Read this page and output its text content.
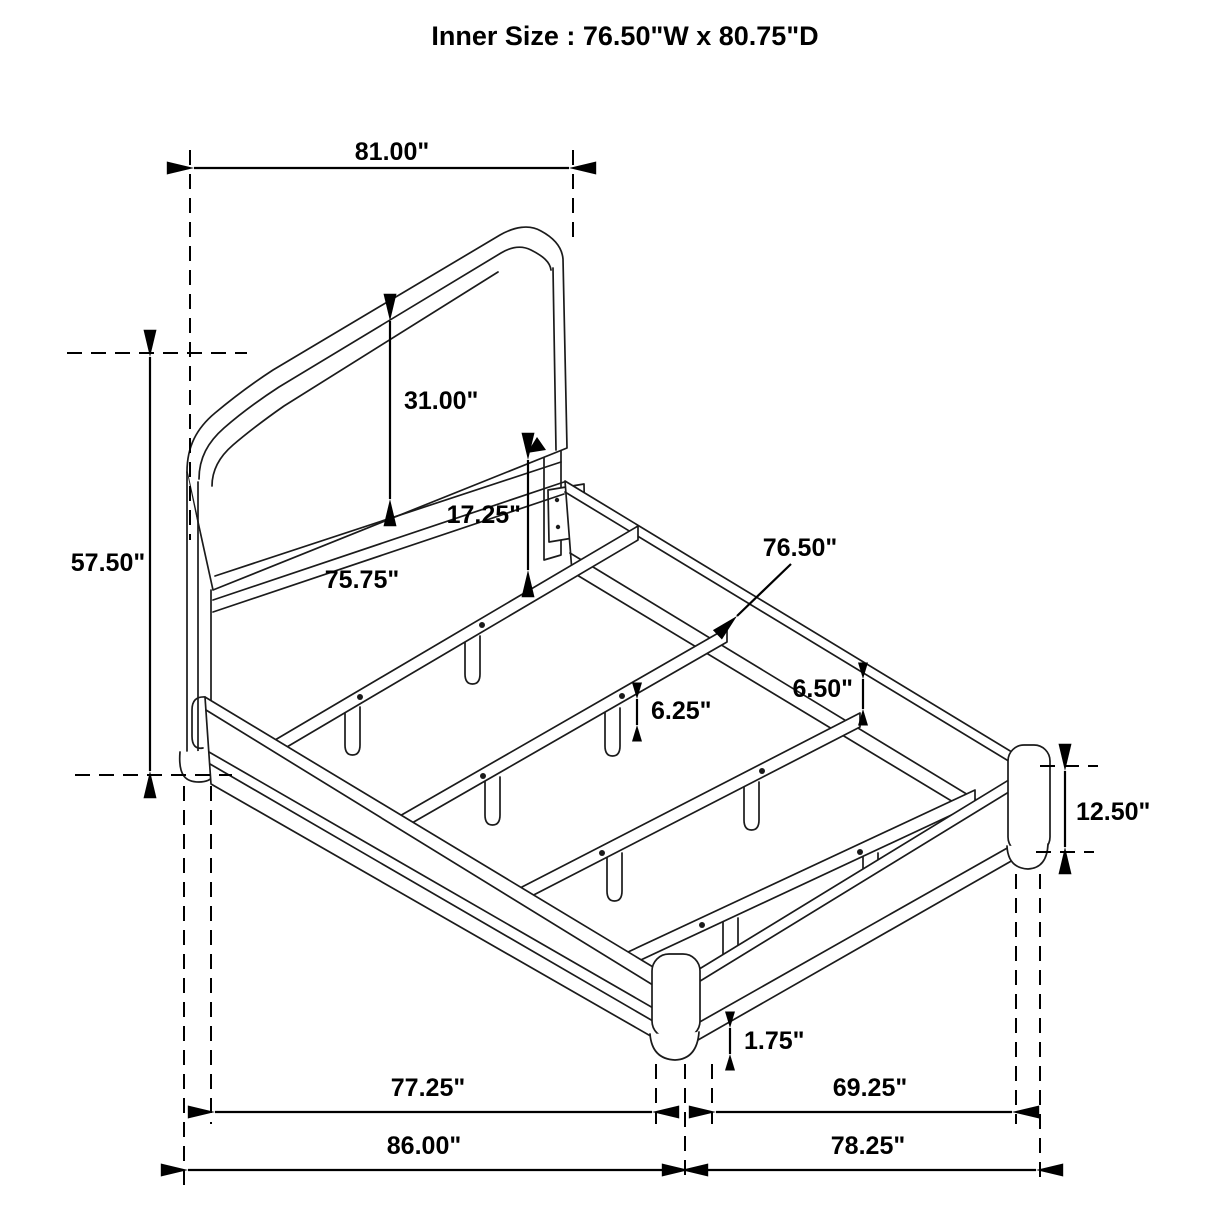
Inner Size : 76.50"W x 80.75"D
81.00"
57.50"
31.00"
17.25"
75.75"
76.50"
6.50"
6.25"
12.50"
1.75"
77.25"	69.25"
86.00"	78.25"
